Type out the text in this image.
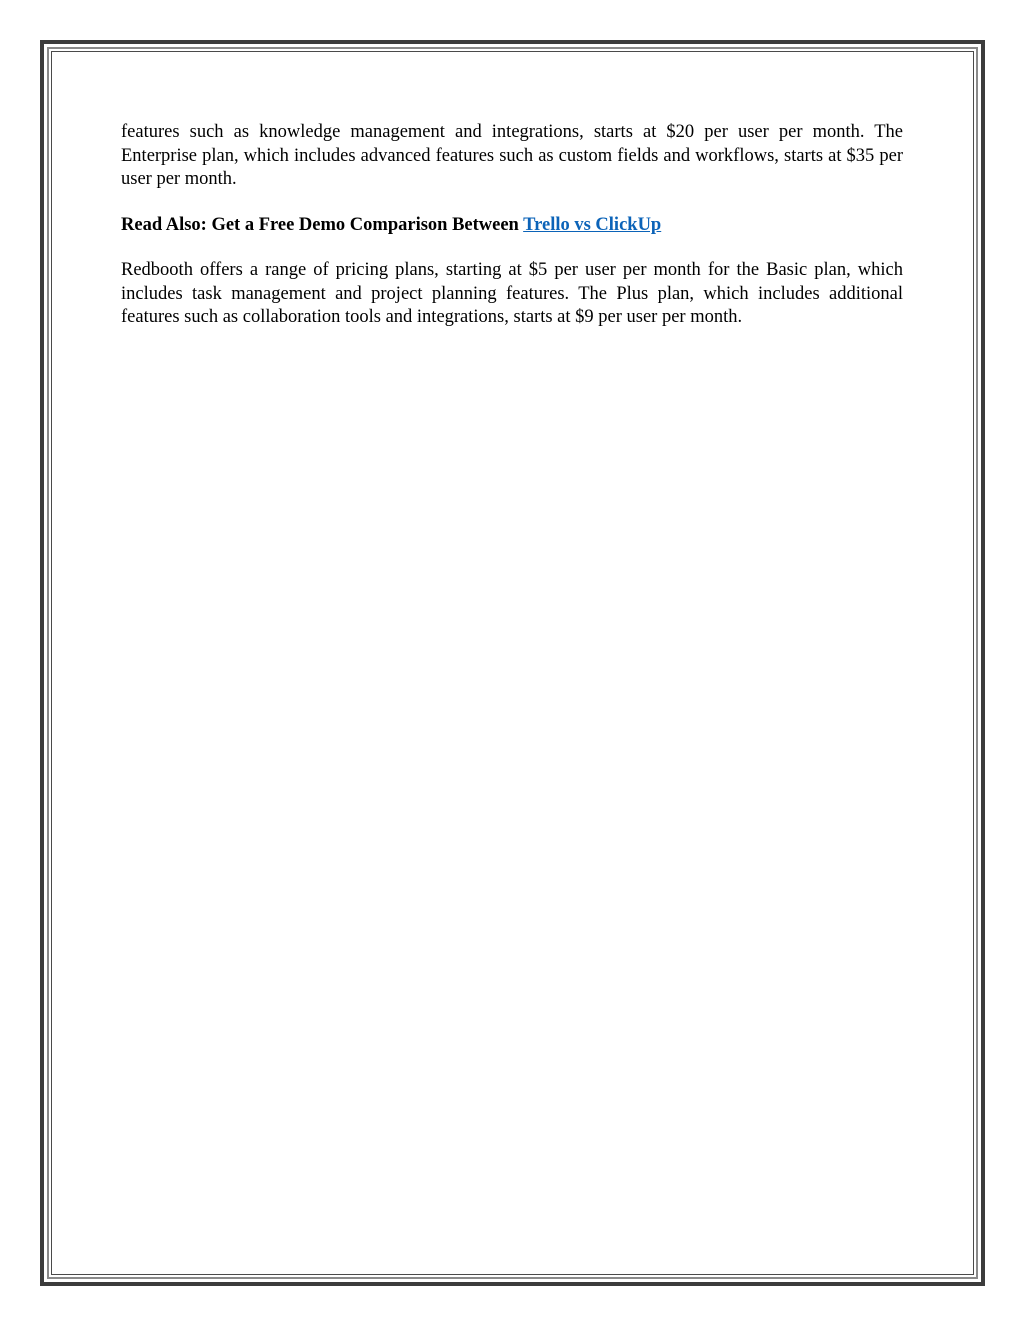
features such as knowledge management and integrations, starts at $20 per user per month. The Enterprise plan, which includes advanced features such as custom fields and workflows, starts at $35 per user per month.

Read Also: Get a Free Demo Comparison Between Trello vs ClickUp

Redbooth offers a range of pricing plans, starting at $5 per user per month for the Basic plan, which includes task management and project planning features. The Plus plan, which includes additional features such as collaboration tools and integrations, starts at $9 per user per month.
